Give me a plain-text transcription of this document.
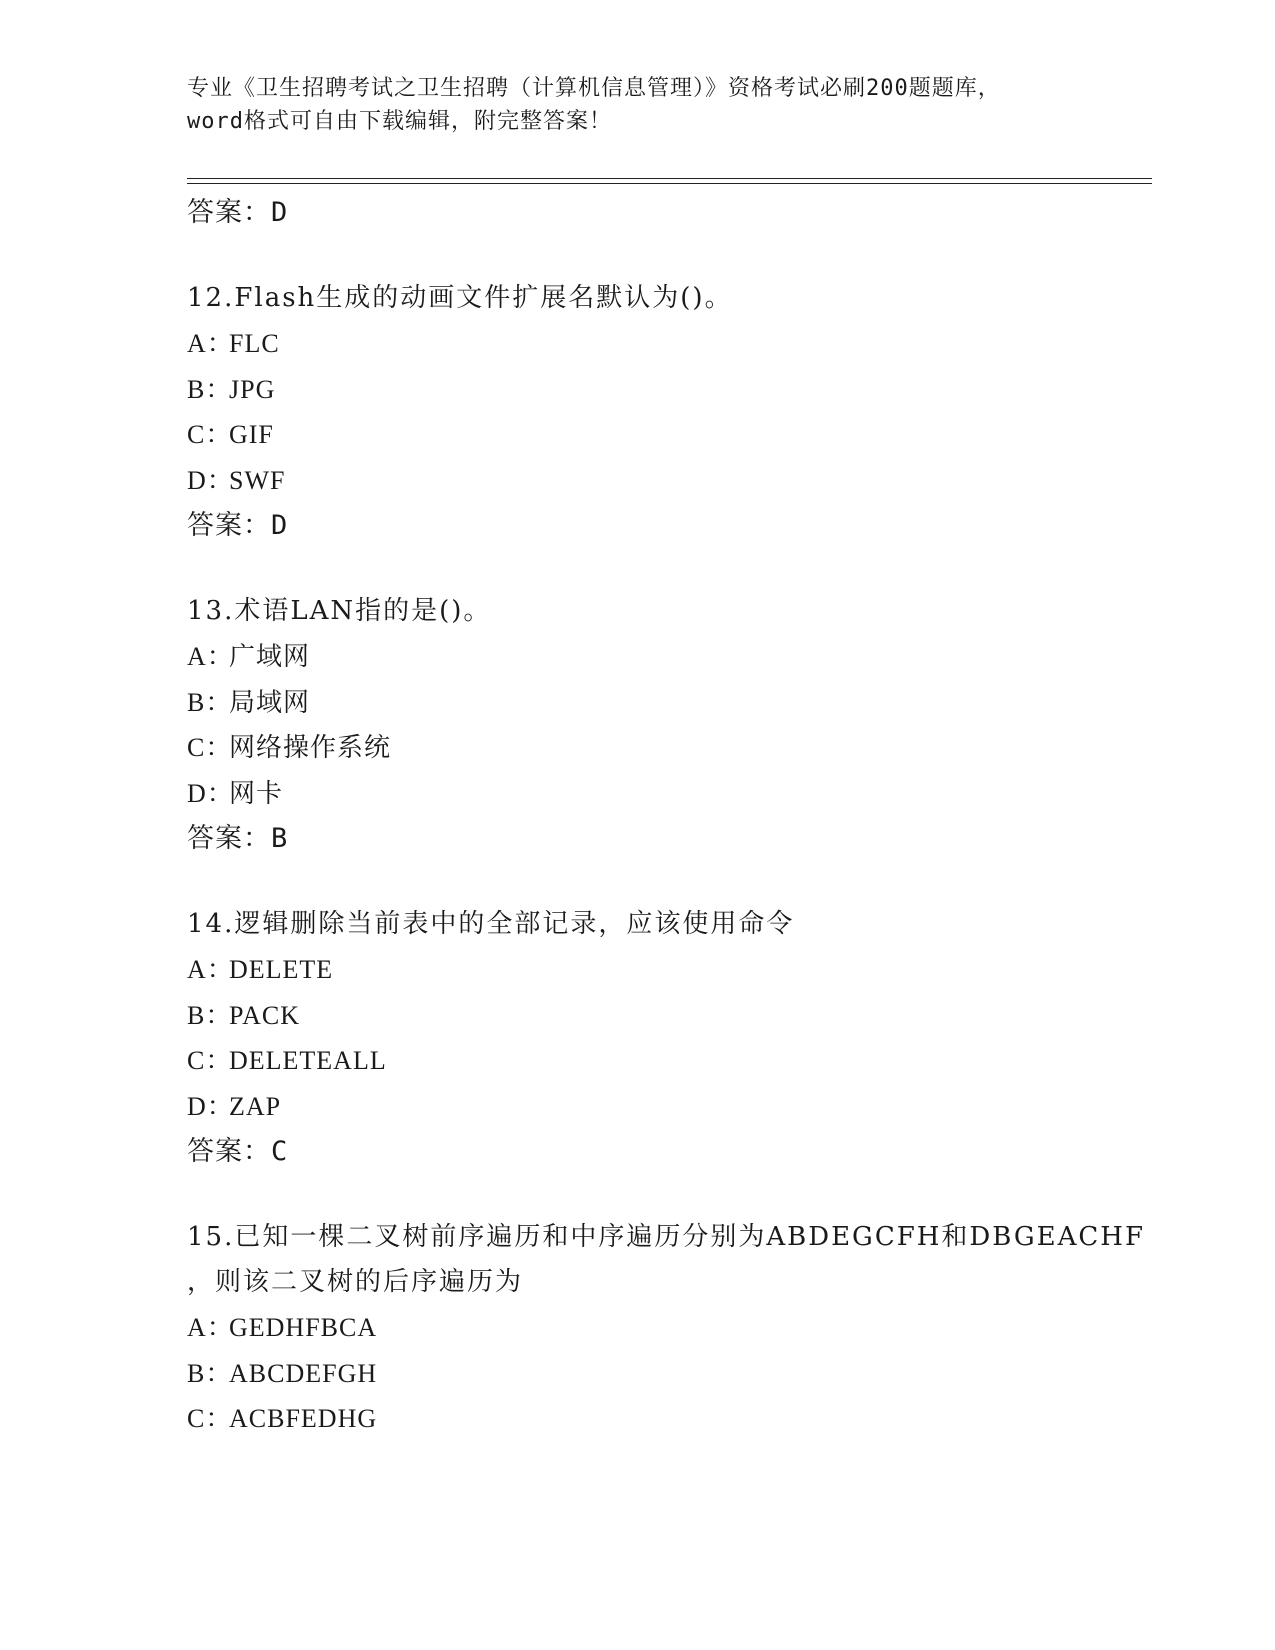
专业《卫生招聘考试之卫生招聘（计算机信息管理）》资格考试必刷200题题库，
word格式可自由下载编辑，附完整答案！
答案：D
12.Flash生成的动画文件扩展名默认为()。
A：FLC
B：JPG
C：GIF
D：SWF
答案：D
13.术语LAN指的是()。
A：广域网
B：局域网
C：网络操作系统
D：网卡
答案：B
14.逻辑删除当前表中的全部记录，应该使用命令
A：DELETE
B：PACK
C：DELETEALL
D：ZAP
答案：C
15.已知一棵二叉树前序遍历和中序遍历分别为ABDEGCFH和DBGEACHF
，则该二叉树的后序遍历为
A：GEDHFBCA
B：ABCDEFGH
C：ACBFEDHG
